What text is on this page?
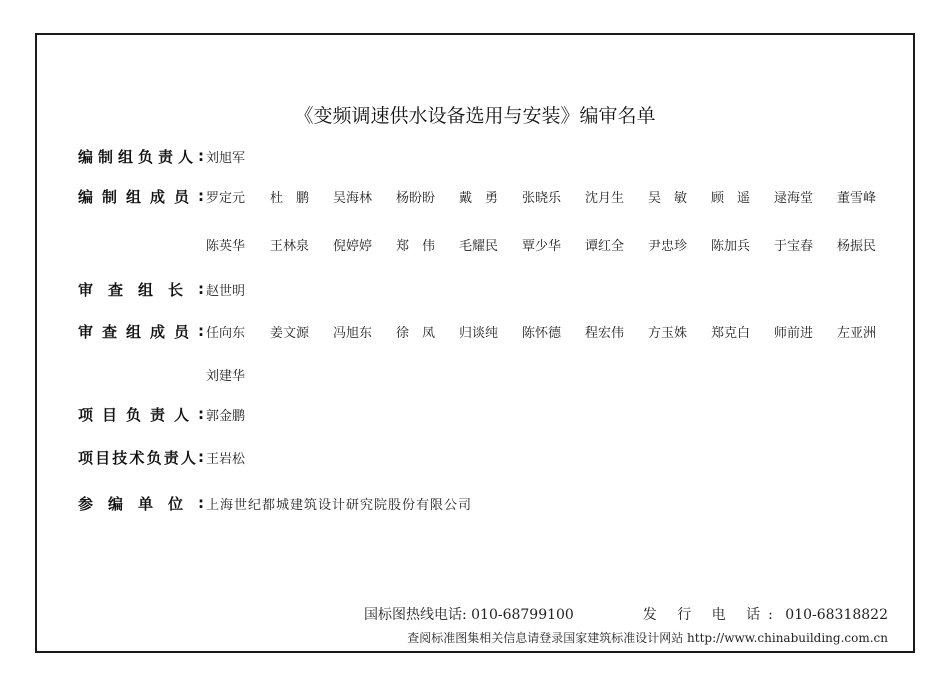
《变频调速供水设备选用与安装》编审名单
编 制 组 负 责 人 : 刘旭军
编 制 组 成 员 : 罗定元 杜　鹏 吴海林 杨盼盼 戴　勇 张晓乐 沈月生 吴　敏 顾　遥 逯海堂 董雪峰
陈英华 王林泉 倪婷婷 郑　伟 毛耀民 覃少华 谭红全 尹忠珍 陈加兵 于宝春 杨振民
审 查 组 长 : 赵世明
审 查 组 成 员 : 任向东 姜文源 冯旭东 徐　凤 归谈纯 陈怀德 程宏伟 方玉姝 郑克白 师前进 左亚洲
刘建华
项 目 负 责 人 : 郭金鹏
项 目 技 术 负 责 人 : 王岩松
参 编 单 位 : 上海世纪都城建筑设计研究院股份有限公司
国标图热线电话: 010-68799100	发 行 电 话: 010-68318822
查阅标准图集相关信息请登录国家建筑标准设计网站 http://www.chinabuilding.com.cn
